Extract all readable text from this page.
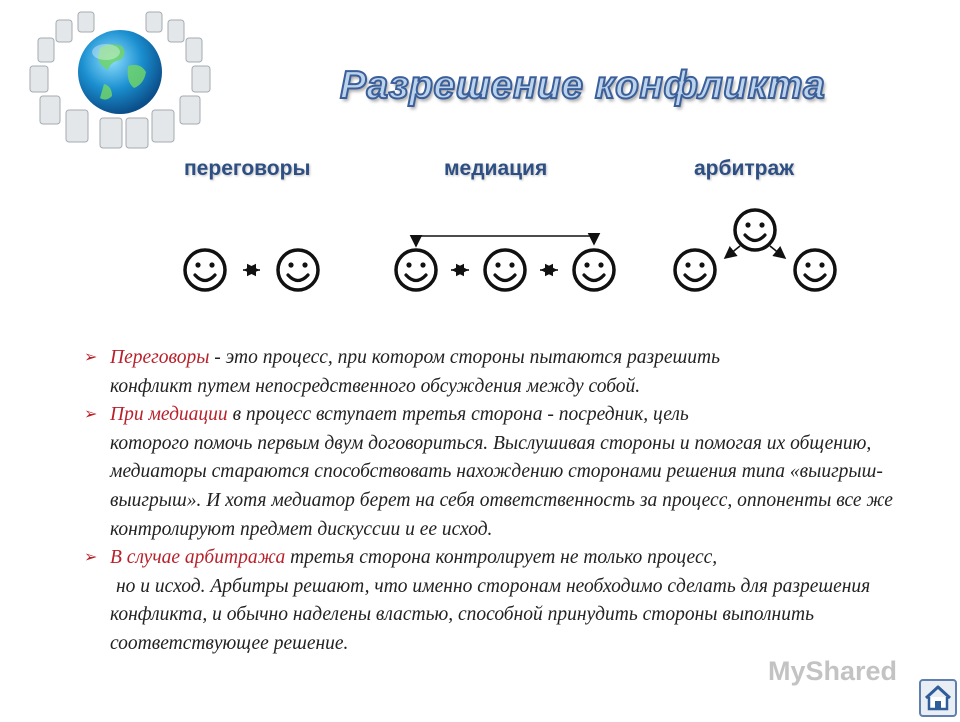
Разрешение конфликта
переговоры	медиация	арбитраж
➢ Переговоры - это процесс, при котором стороны пытаются разрешить
конфликт путем непосредственного обсуждения между собой.
➢ При медиации в процесс вступает третья сторона - посредник, цель
которого помочь первым двум договориться. Выслушивая стороны и помогая их общению, медиаторы стараются способствовать нахождению сторонами решения типа «выигрыш-выигрыш». И хотя медиатор берет на себя ответственность за процесс, оппоненты все же контролируют предмет дискуссии и ее исход.
➢ В случае арбитража третья сторона контролирует не только процесс,
но и исход. Арбитры решают, что именно сторонам необходимо сделать для разрешения конфликта, и обычно наделены властью, способной принудить стороны выполнить соответствующее решение.
MyShared
